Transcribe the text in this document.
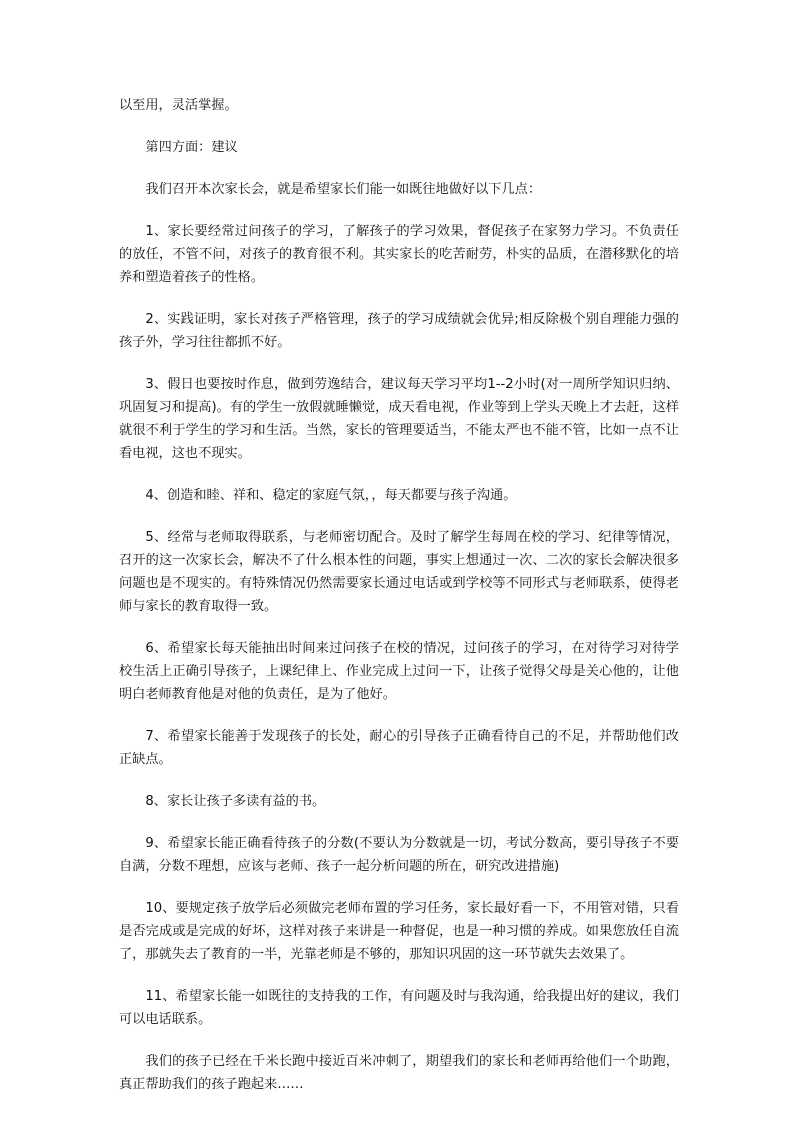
以至用，灵活掌握。

第四方面：建议

我们召开本次家长会，就是希望家长们能一如既往地做好以下几点：

1、家长要经常过问孩子的学习，了解孩子的学习效果，督促孩子在家努力学习。不负责任的放任，不管不问，对孩子的教育很不利。其实家长的吃苦耐劳，朴实的品质，在潜移默化的培养和塑造着孩子的性格。

2、实践证明，家长对孩子严格管理，孩子的学习成绩就会优异;相反除极个别自理能力强的孩子外，学习往往都抓不好。

3、假日也要按时作息，做到劳逸结合，建议每天学习平均1--2小时(对一周所学知识归纳、巩固复习和提高)。有的学生一放假就睡懒觉，成天看电视，作业等到上学头天晚上才去赶，这样就很不利于学生的学习和生活。当然，家长的管理要适当，不能太严也不能不管，比如一点不让看电视，这也不现实。

4、创造和睦、祥和、稳定的家庭气氛，，每天都要与孩子沟通。

5、经常与老师取得联系，与老师密切配合。及时了解学生每周在校的学习、纪律等情况，召开的这一次家长会，解决不了什么根本性的问题，事实上想通过一次、二次的家长会解决很多问题也是不现实的。有特殊情况仍然需要家长通过电话或到学校等不同形式与老师联系，使得老师与家长的教育取得一致。

6、希望家长每天能抽出时间来过问孩子在校的情况，过问孩子的学习，在对待学习对待学校生活上正确引导孩子，上课纪律上、作业完成上过问一下，让孩子觉得父母是关心他的，让他明白老师教育他是对他的负责任，是为了他好。

7、希望家长能善于发现孩子的长处，耐心的引导孩子正确看待自己的不足，并帮助他们改正缺点。

8、家长让孩子多读有益的书。

9、希望家长能正确看待孩子的分数(不要认为分数就是一切，考试分数高，要引导孩子不要自满，分数不理想，应该与老师、孩子一起分析问题的所在，研究改进措施)

10、要规定孩子放学后必须做完老师布置的学习任务，家长最好看一下，不用管对错，只看是否完成或是完成的好坏，这样对孩子来讲是一种督促，也是一种习惯的养成。如果您放任自流了，那就失去了教育的一半，光靠老师是不够的，那知识巩固的这一环节就失去效果了。

11、希望家长能一如既往的支持我的工作，有问题及时与我沟通，给我提出好的建议，我们可以电话联系。

我们的孩子已经在千米长跑中接近百米冲刺了，期望我们的家长和老师再给他们一个助跑，真正帮助我们的孩子跑起来……
